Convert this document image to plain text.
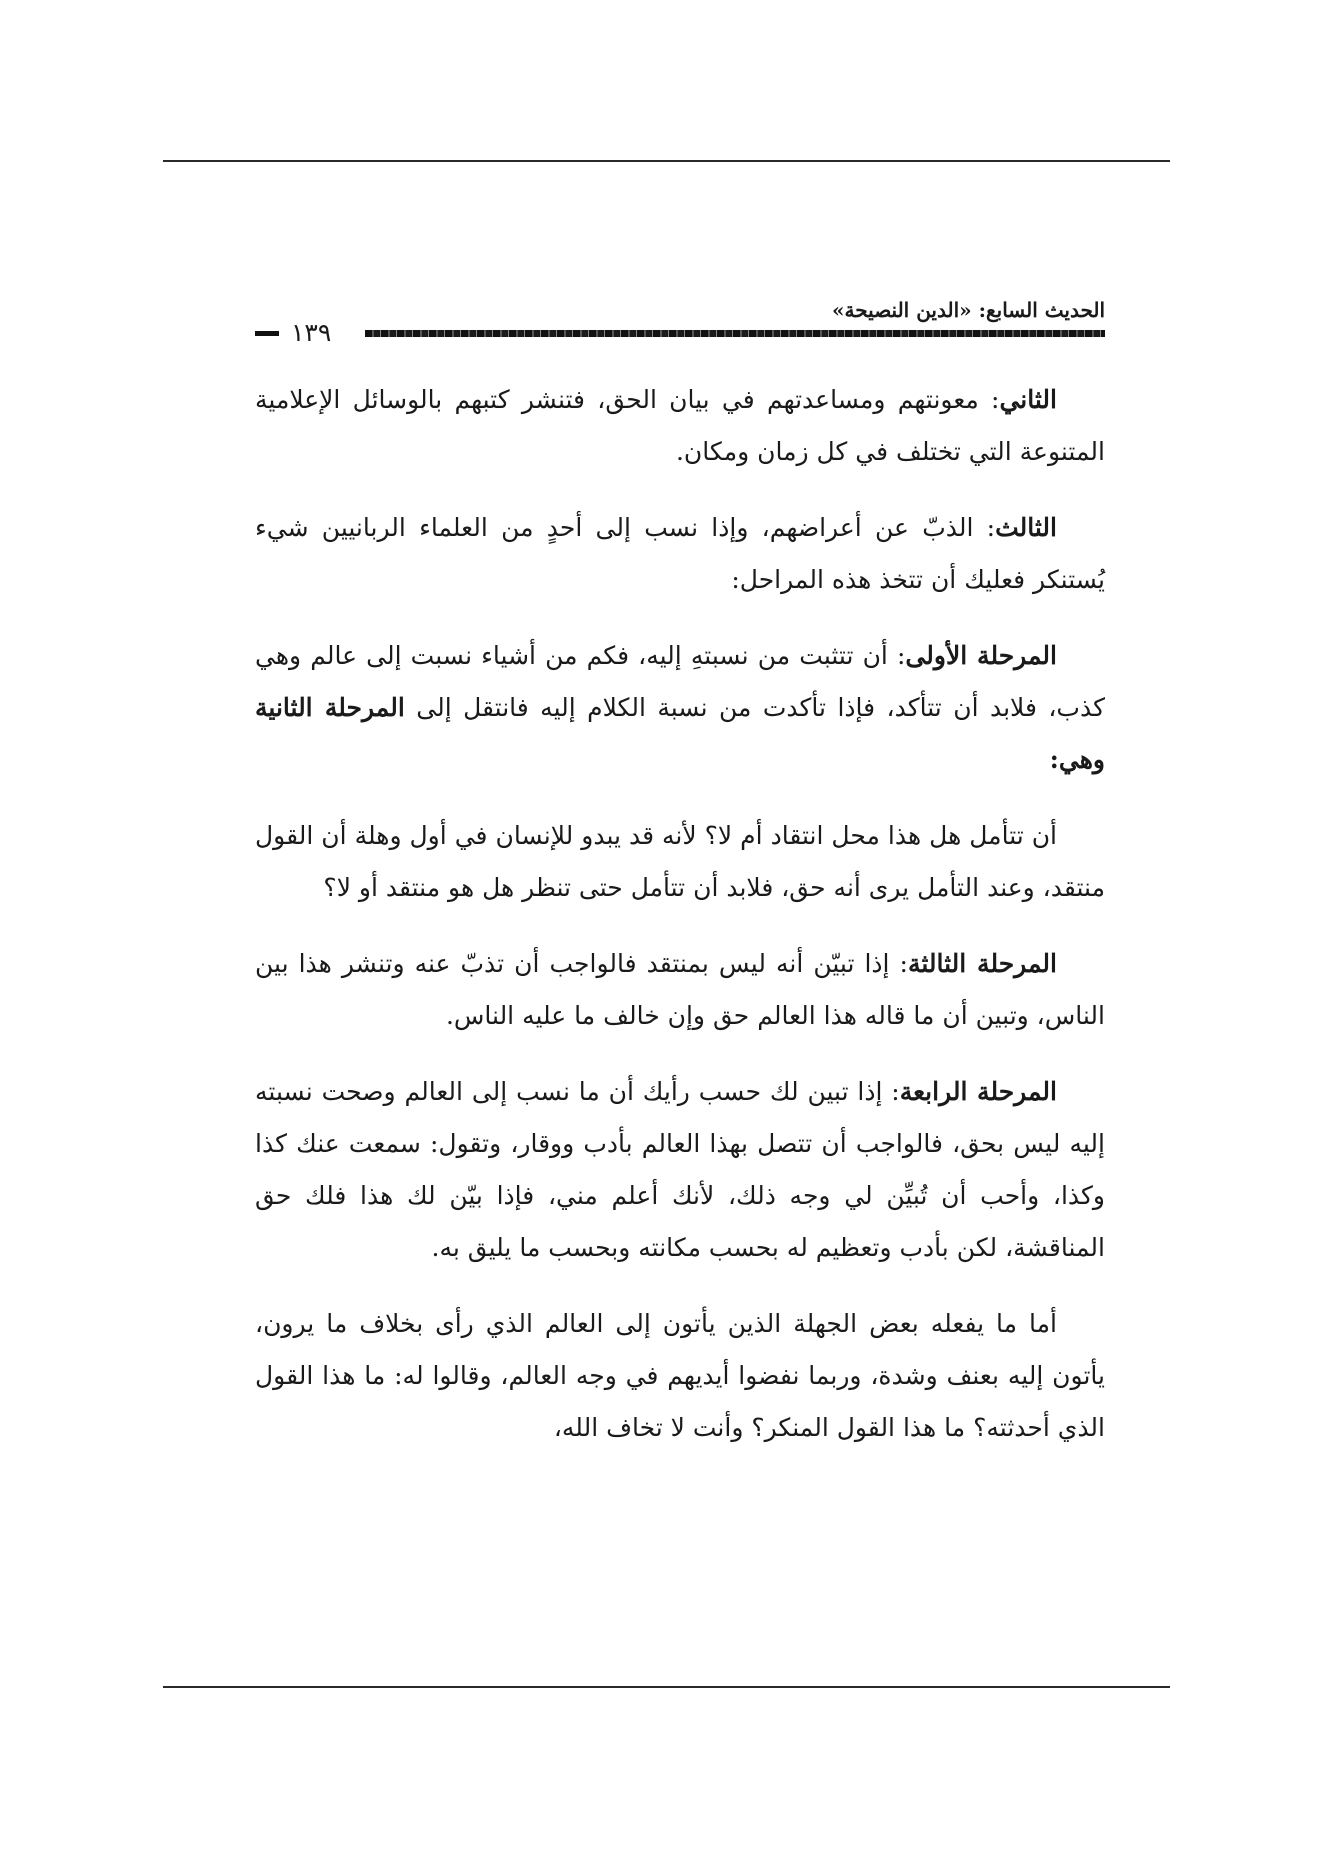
الحديث السابع: «الدين النصيحة»
١٣٩

الثاني: معونتهم ومساعدتهم في بيان الحق، فتنشر كتبهم بالوسائل الإعلامية المتنوعة التي تختلف في كل زمان ومكان.

الثالث: الذبّ عن أعراضهم، وإذا نسب إلى أحدٍ من العلماء الربانيين شيء يُستنكر فعليك أن تتخذ هذه المراحل:

المرحلة الأولى: أن تتثبت من نسبتهِ إليه، فكم من أشياء نسبت إلى عالم وهي كذب، فلابد أن تتأكد، فإذا تأكدت من نسبة الكلام إليه فانتقل إلى المرحلة الثانية وهي:

أن تتأمل هل هذا محل انتقاد أم لا؟ لأنه قد يبدو للإنسان في أول وهلة أن القول منتقد، وعند التأمل يرى أنه حق، فلابد أن تتأمل حتى تنظر هل هو منتقد أو لا؟

المرحلة الثالثة: إذا تبيّن أنه ليس بمنتقد فالواجب أن تذبّ عنه وتنشر هذا بين الناس، وتبين أن ما قاله هذا العالم حق وإن خالف ما عليه الناس.

المرحلة الرابعة: إذا تبين لك حسب رأيك أن ما نسب إلى العالم وصحت نسبته إليه ليس بحق، فالواجب أن تتصل بهذا العالم بأدب ووقار، وتقول: سمعت عنك كذا وكذا، وأحب أن تُبيِّن لي وجه ذلك، لأنك أعلم مني، فإذا بيّن لك هذا فلك حق المناقشة، لكن بأدب وتعظيم له بحسب مكانته وبحسب ما يليق به.

أما ما يفعله بعض الجهلة الذين يأتون إلى العالم الذي رأى بخلاف ما يرون، يأتون إليه بعنف وشدة، وربما نفضوا أيديهم في وجه العالم، وقالوا له: ما هذا القول الذي أحدثته؟ ما هذا القول المنكر؟ وأنت لا تخاف الله،
